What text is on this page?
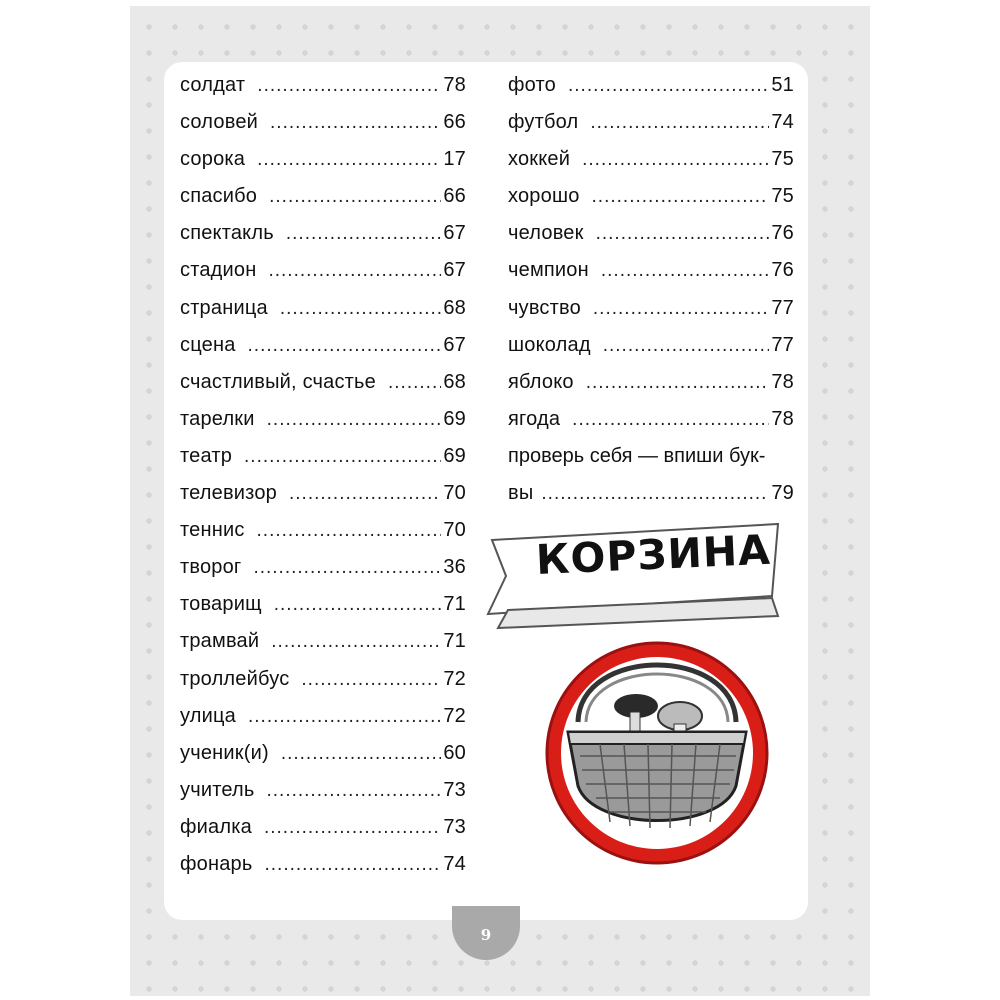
солдат .....	78
соловей .....	66
сорока .....	17
спасибо .....	66
спектакль .....	67
стадион .....	67
страница .....	68
сцена .....	67
счастливый, счастье .....	68
тарелки .....	69
театр .....	69
телевизор .....	70
теннис .....	70
творог .....	36
товарищ .....	71
трамвай .....	71
троллейбус .....	72
улица .....	72
ученик(и) .....	60
учитель .....	73
фиалка .....	73
фонарь .....	74
фото .....	51
футбол .....	74
хоккей .....	75
хорошо .....	75
человек .....	76
чемпион .....	76
чувство .....	77
шоколад .....	77
яблоко .....	78
ягода .....	78
проверь себя — впиши бук-
вы .....	79
КОРЗИНА
9
